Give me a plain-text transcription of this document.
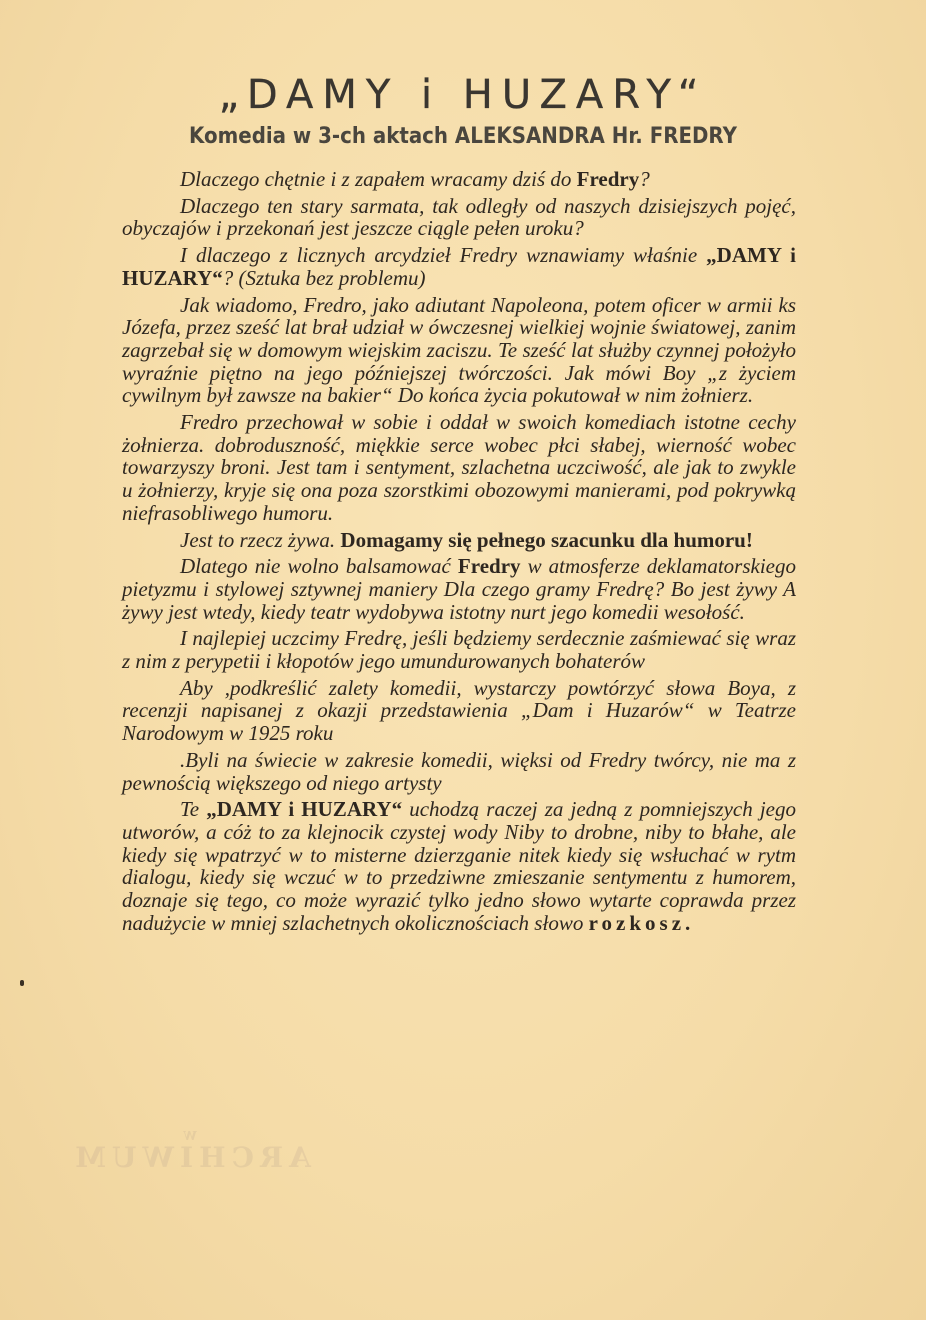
„DAMY i HUZARY“
Komedia w 3-ch aktach ALEKSANDRA Hr. FREDRY

Dlaczego chętnie i z zapałem wracamy dziś do Fredry?

Dlaczego ten stary sarmata, tak odległy od naszych dzisiejszych pojęć, obyczajów i przekonań jest jeszcze ciągle pełen uroku?

I dlaczego z licznych arcydzieł Fredry wznawiamy właśnie „DAMY i HUZARY“? (Sztuka bez problemu)

Jak wiadomo, Fredro, jako adiutant Napoleona, potem oficer w armii ks Józefa, przez sześć lat brał udział w ówczesnej wielkiej wojnie światowej, zanim zagrzebał się w domowym wiejskim zaciszu. Te sześć lat służby czynnej położyło wyraźnie piętno na jego późniejszej twórczości. Jak mówi Boy „z życiem cywilnym był zawsze na bakier“ Do końca życia pokutował w nim żołnierz.

Fredro przechował w sobie i oddał w swoich komediach istotne cechy żołnierza. dobroduszność, miękkie serce wobec płci słabej, wierność wobec towarzyszy broni. Jest tam i sentyment, szlachetna uczciwość, ale jak to zwykle u żołnierzy, kryje się ona poza szorstkimi obozowymi manierami, pod pokrywką niefrasobliwego humoru.

Jest to rzecz żywa. Domagamy się pełnego szacunku dla humoru!

Dlatego nie wolno balsamować Fredry w atmosferze deklamatorskiego pietyzmu i stylowej sztywnej maniery Dla czego gramy Fredrę? Bo jest żywy A żywy jest wtedy, kiedy teatr wydobywa istotny nurt jego komedii wesołość.

I najlepiej uczcimy Fredrę, jeśli będziemy serdecznie zaśmiewać się wraz z nim z perypetii i kłopotów jego umundurowanych bohaterów

Aby ,podkreślić zalety komedii, wystarczy powtórzyć słowa Boya, z recenzji napisanej z okazji przedstawienia „Dam i Huzarów“ w Teatrze Narodowym w 1925 roku

.Byli na świecie w zakresie komedii, więksi od Fredry twórcy, nie ma z pewnością większego od niego artysty

Te „DAMY i HUZARY“ uchodzą raczej za jedną z pomniejszych jego utworów, a cóż to za klejnocik czystej wody Niby to drobne, niby to błahe, ale kiedy się wpatrzyć w to misterne dzierzganie nitek kiedy się wsłuchać w rytm dialogu, kiedy się wczuć w to przedziwne zmieszanie sentymentu z humorem, doznaje się tego, co może wyrazić tylko jedno słowo wytarte coprawda przez nadużycie w mniej szlachetnych okolicznościach słowo rozkosz.

W
ARCHIWUM
